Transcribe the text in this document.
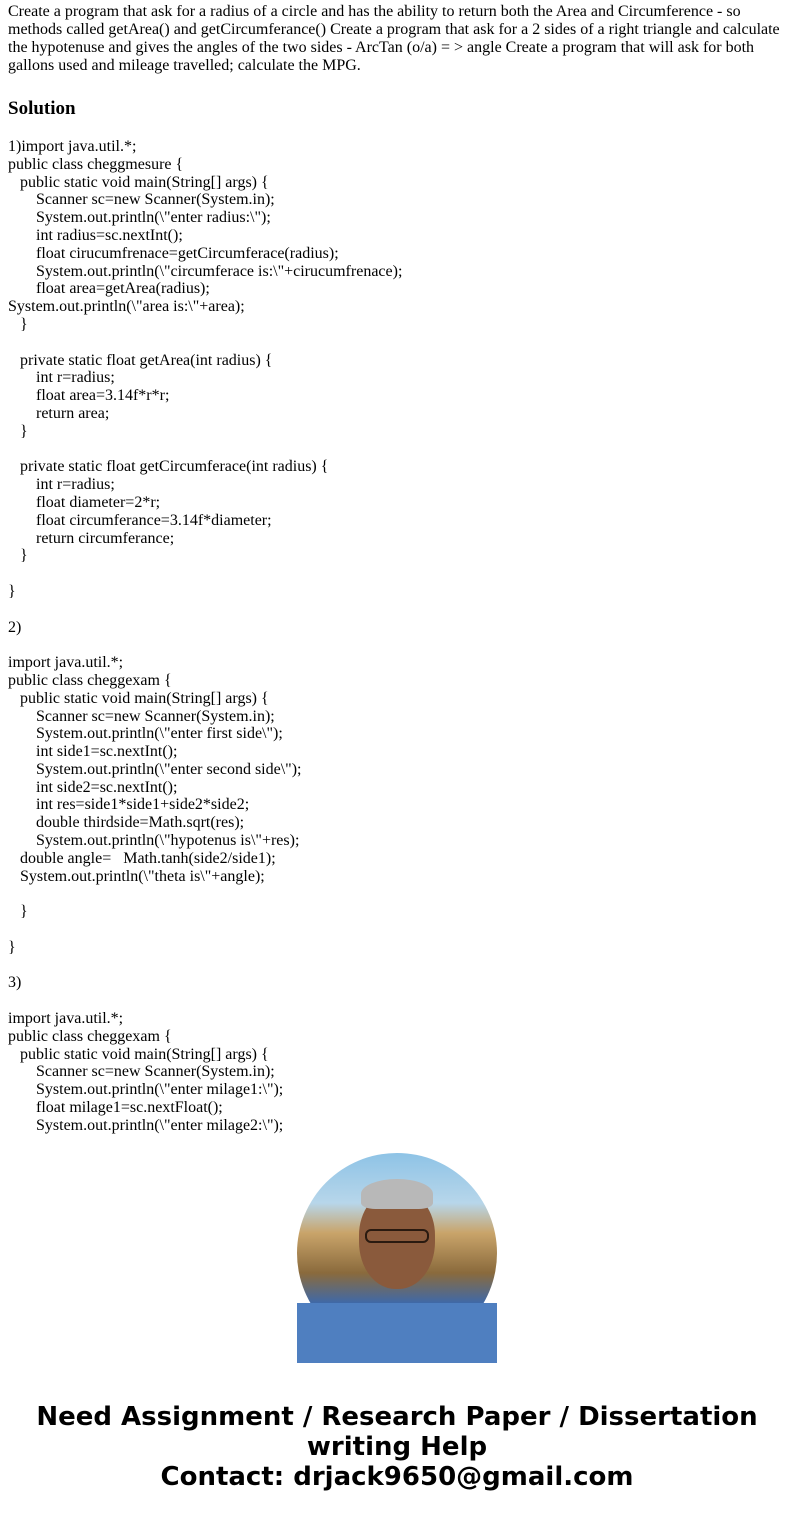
Create a program that ask for a radius of a circle and has the ability to return both the Area and Circumference - so methods called getArea() and getCircumferance() Create a program that ask for a 2 sides of a right triangle and calculate the hypotenuse and gives the angles of the two sides - ArcTan (o/a) = > angle Create a program that will ask for both gallons used and mileage travelled; calculate the MPG.
Solution
1)import java.util.*;
public class cheggmesure {
public static void main(String[] args) {
Scanner sc=new Scanner(System.in);
System.out.println(\"enter radius:\");
int radius=sc.nextInt();
float cirucumfrenace=getCircumferace(radius);
System.out.println(\"circumferace is:\"+cirucumfrenace);
float area=getArea(radius);
System.out.println(\"area is:\"+area);
}
private static float getArea(int radius) {
int r=radius;
float area=3.14f*r*r;
return area;
}
private static float getCircumferace(int radius) {
int r=radius;
float diameter=2*r;
float circumferance=3.14f*diameter;
return circumferance;
}
}
2)
import java.util.*;
public class cheggexam {
public static void main(String[] args) {
Scanner sc=new Scanner(System.in);
System.out.println(\"enter first side\");
int side1=sc.nextInt();
System.out.println(\"enter second side\");
int side2=sc.nextInt();
int res=side1*side1+side2*side2;
double thirdside=Math.sqrt(res);
System.out.println(\"hypotenus is\"+res);
double angle=   Math.tanh(side2/side1);
System.out.println(\"theta is\"+angle);
}
}
3)
import java.util.*;
public class cheggexam {
public static void main(String[] args) {
Scanner sc=new Scanner(System.in);
System.out.println(\"enter milage1:\");
float milage1=sc.nextFloat();
System.out.println(\"enter milage2:\");
Need Assignment / Research Paper / Dissertation
writing Help
Contact: drjack9650@gmail.com
